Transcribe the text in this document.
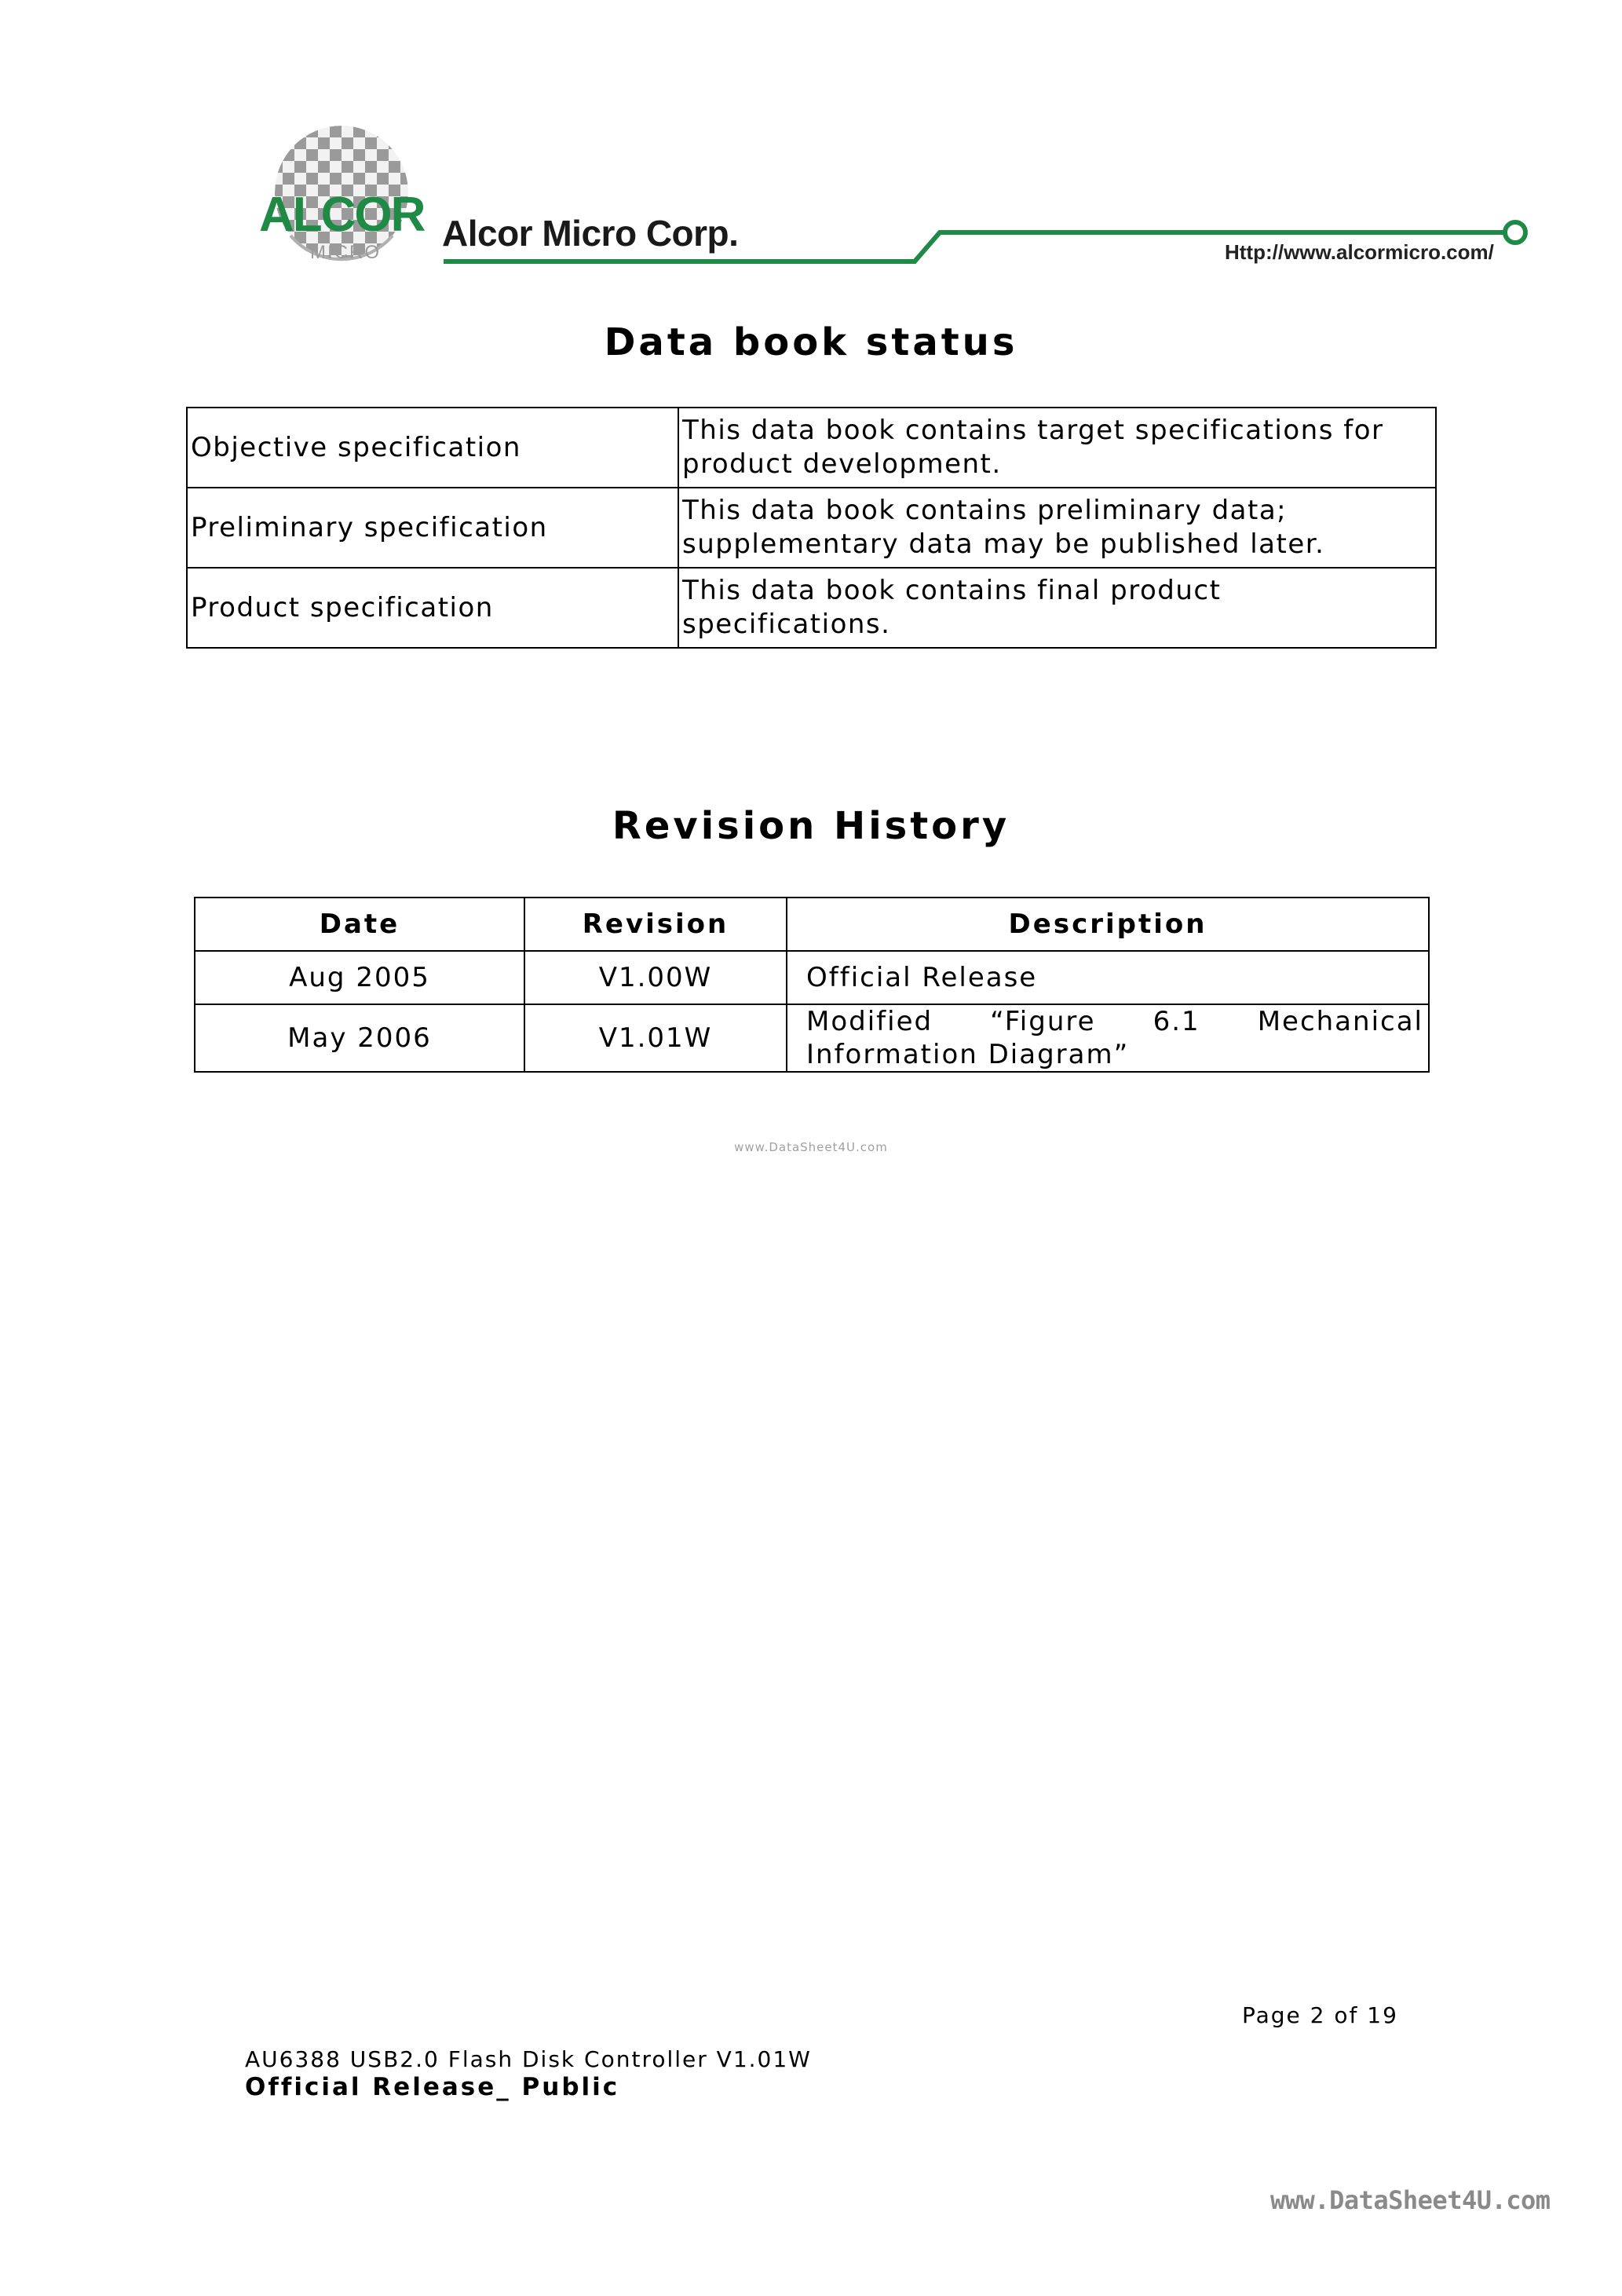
ALCOR
MICRO Alcor Micro Corp.	Http://www.alcormicro.com/
Data book status
Objective specification	This data book contains target specifications for product development.
Preliminary specification	This data book contains preliminary data; supplementary data may be published later.
Product specification	This data book contains final product specifications.
Revision History
Date	Revision	Description
Aug 2005	V1.00W	Official Release
May 2006	V1.01W	Modified “Figure 6.1 Mechanical Information Diagram”
www.DataSheet4U.com
Page 2 of 19
AU6388 USB2.0 Flash Disk Controller V1.01W
Official Release_ Public
www.DataSheet4U.com
